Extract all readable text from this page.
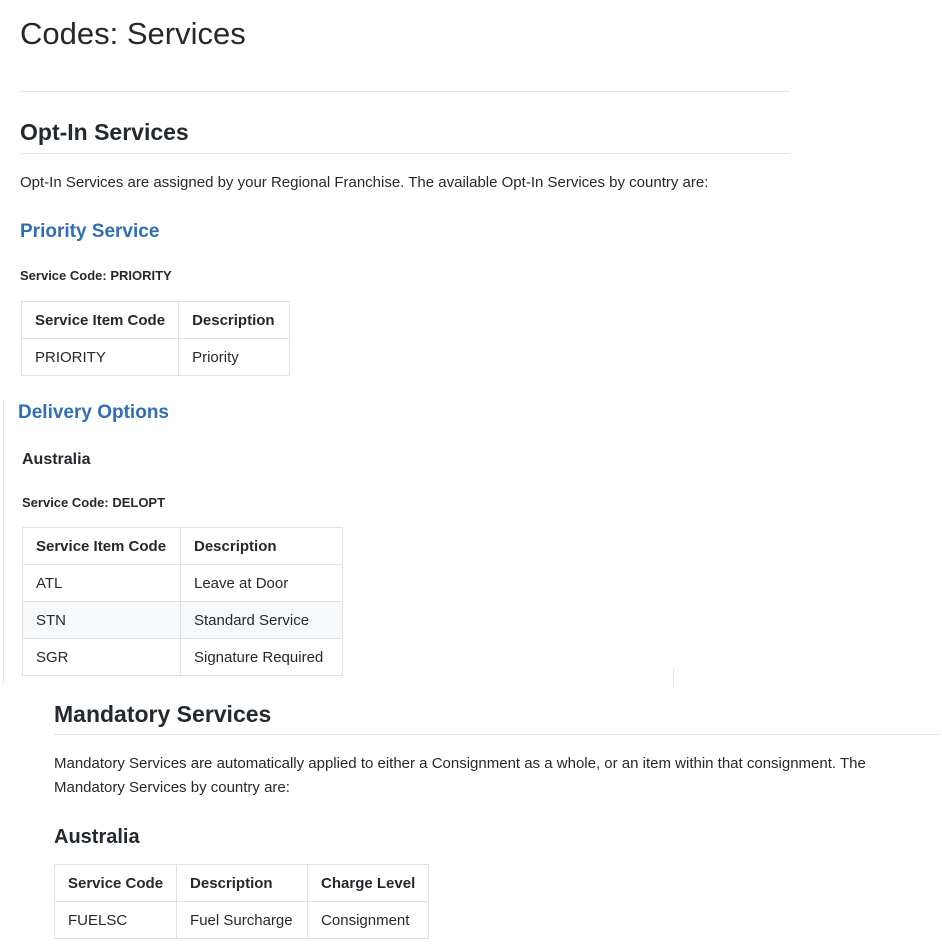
Codes: Services
Opt-In Services

Opt-In Services are assigned by your Regional Franchise. The available Opt-In Services by country are:

Priority Service
Service Code: PRIORITY
Service Item Code	Description
PRIORITY	Priority
Delivery Options
Australia
Service Code: DELOPT
Service Item Code	Description
ATL	Leave at Door
STN	Standard Service
SGR	Signature Required
Mandatory Services

Mandatory Services are automatically applied to either a Consignment as a whole, or an item within that consignment. The Mandatory Services by country are:

Australia
Service Code	Description	Charge Level
FUELSC	Fuel Surcharge	Consignment
